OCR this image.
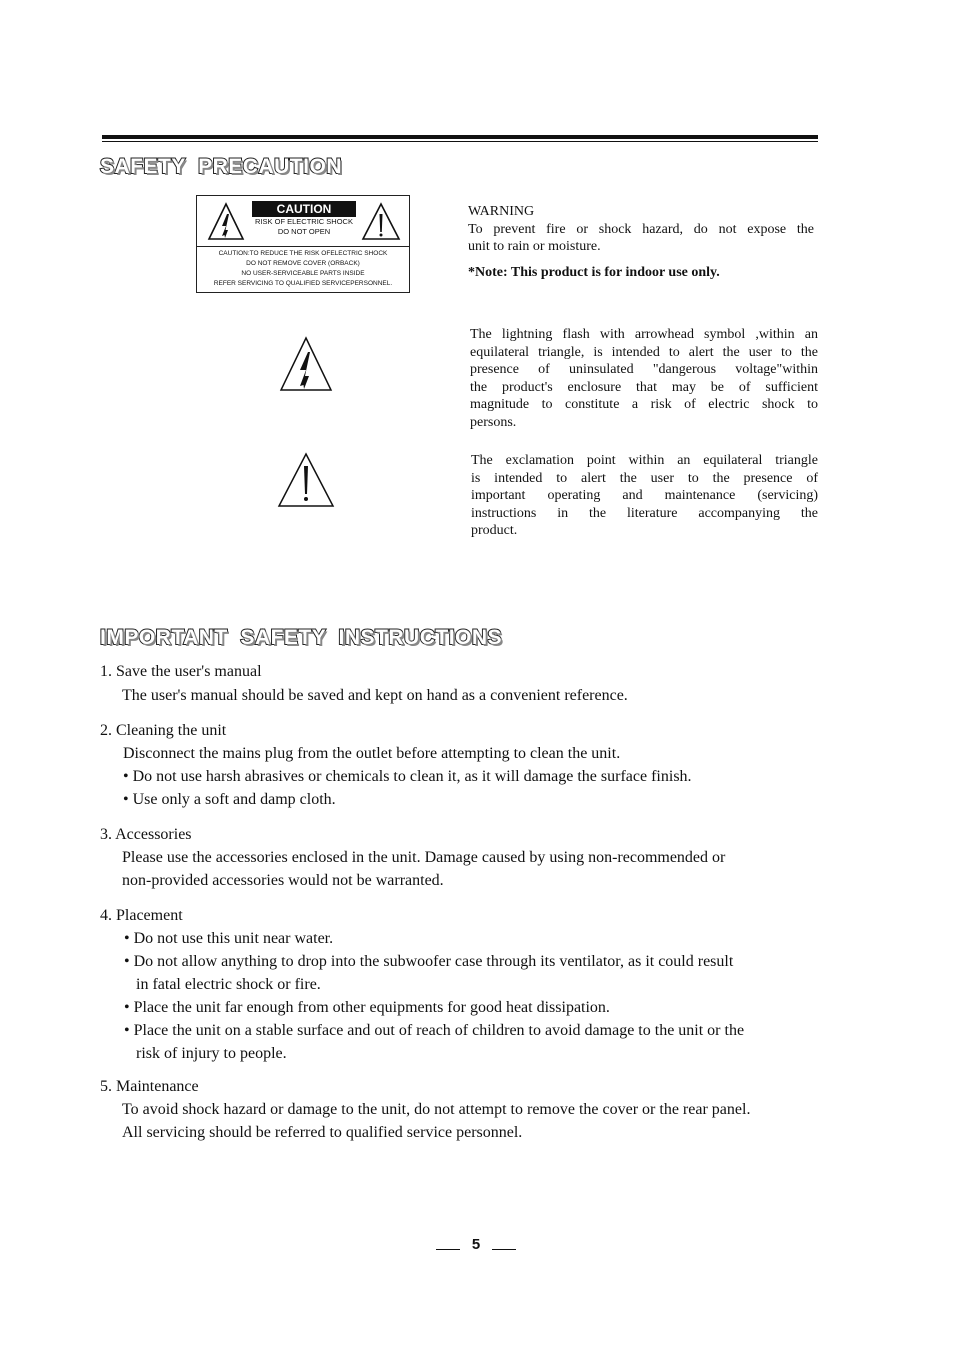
SAFETY  PRECAUTION
CAUTION
RISK OF ELECTRIC SHOCK
DO NOT OPEN
CAUTION:TO REDUCE THE RISK OFELECTRIC SHOCK
DO NOT REMOVE COVER (ORBACK)
NO USER-SERVICEABLE PARTS INSIDE
REFER SERVICING TO QUALIFIED SERVICEPERSONNEL.
WARNING
To prevent fire or shock hazard, do not expose the
unit to rain or moisture.
*Note: This product is for indoor use only.
The lightning flash with arrowhead symbol ,within an
equilateral triangle, is intended to alert the user to the
presence of uninsulated "dangerous voltage"within
the product's enclosure that may be of sufficient
magnitude to constitute a risk of electric shock to
persons.
The exclamation point within an equilateral triangle
is intended to alert the user to the presence of
important operating and maintenance (servicing)
instructions in the literature accompanying the
product.
IMPORTANT  SAFETY  INSTRUCTIONS
1. Save the user's manual
The user's manual should be saved and kept on hand as a convenient reference.
2. Cleaning the unit
Disconnect the mains plug from the outlet before attempting to clean the unit.
• Do not use harsh abrasives or chemicals to clean it, as it will damage the surface finish.
• Use only a soft and damp cloth.
3. Accessories
Please use the accessories enclosed in the unit. Damage caused by using non-recommended or
non-provided accessories would not be warranted.
4. Placement
• Do not use this unit near water.
• Do not allow anything to drop into the subwoofer case through its ventilator, as it could result
in fatal electric shock or fire.
• Place the unit far enough from other equipments for good heat dissipation.
• Place the unit on a stable surface and out of reach of children to avoid damage to the unit or the
risk of injury to people.
5. Maintenance
To avoid shock hazard or damage to the unit, do not attempt to remove the cover or the rear panel.
All servicing should be referred to qualified service personnel.
5
